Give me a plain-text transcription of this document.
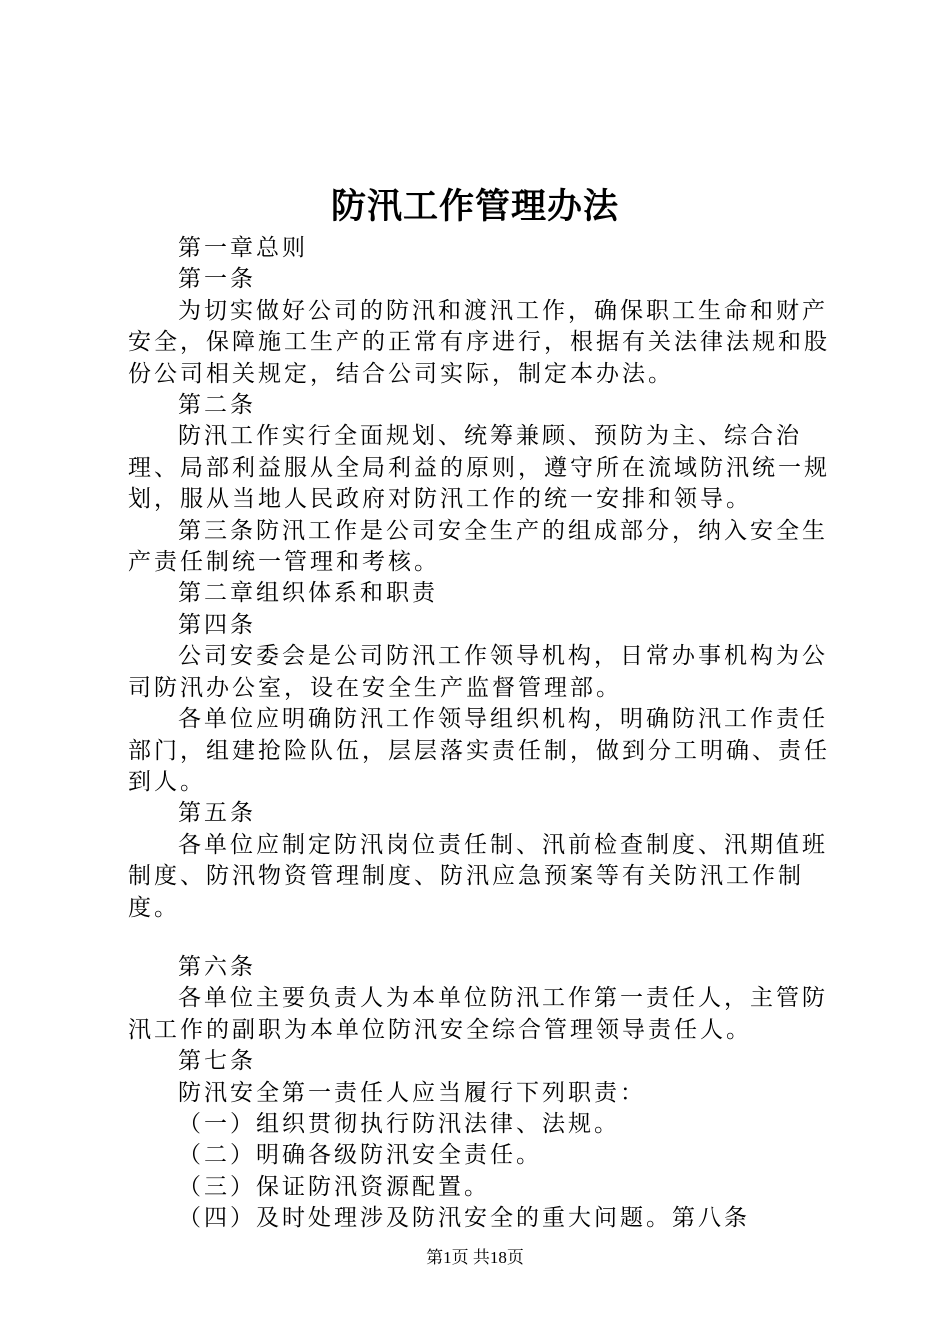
防汛工作管理办法

第一章总则

第一条

为切实做好公司的防汛和渡汛工作，确保职工生命和财产安全，保障施工生产的正常有序进行，根据有关法律法规和股份公司相关规定，结合公司实际，制定本办法。

第二条

防汛工作实行全面规划、统筹兼顾、预防为主、综合治理、局部利益服从全局利益的原则，遵守所在流域防汛统一规划，服从当地人民政府对防汛工作的统一安排和领导。

第三条防汛工作是公司安全生产的组成部分，纳入安全生产责任制统一管理和考核。

第二章组织体系和职责

第四条

公司安委会是公司防汛工作领导机构，日常办事机构为公司防汛办公室，设在安全生产监督管理部。

各单位应明确防汛工作领导组织机构，明确防汛工作责任部门，组建抢险队伍，层层落实责任制，做到分工明确、责任到人。

第五条

各单位应制定防汛岗位责任制、汛前检查制度、汛期值班制度、防汛物资管理制度、防汛应急预案等有关防汛工作制度。

第六条

各单位主要负责人为本单位防汛工作第一责任人，主管防汛工作的副职为本单位防汛安全综合管理领导责任人。

第七条

防汛安全第一责任人应当履行下列职责：

（一）组织贯彻执行防汛法律、法规。

（二）明确各级防汛安全责任。

（三）保证防汛资源配置。

（四）及时处理涉及防汛安全的重大问题。第八条

第1页 共18页
